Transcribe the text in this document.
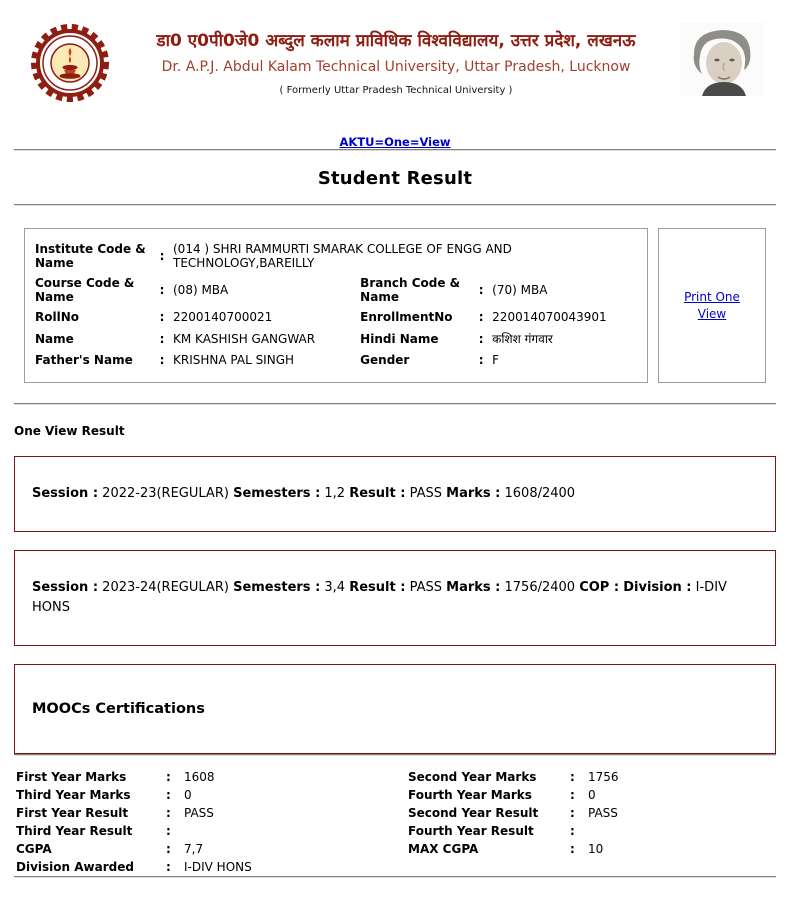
डा0 ए0पी0जे0 अब्दुल कलाम प्राविधिक विश्वविद्यालय, उत्तर प्रदेश, लखनऊ
Dr. A.P.J. Abdul Kalam Technical University, Uttar Pradesh, Lucknow
( Formerly Uttar Pradesh Technical University )
AKTU=One=View
Student Result
Institute Code & Name	:	(014 ) SHRI RAMMURTI SMARAK COLLEGE OF ENGG AND TECHNOLOGY,BAREILLY			

Course Code & Name	:	(08) MBA	Branch Code & Name	:	(70) MBA
RollNo	:	2200140700021	EnrollmentNo	:	220014070043901
Name	:	KM KASHISH GANGWAR	Hindi Name	:	कशिश गंगवार
Father's Name	:	KRISHNA PAL SINGH	Gender	:	F
Print One View
One View Result
Session : 2022-23(REGULAR) Semesters : 1,2 Result : PASS Marks : 1608/2400
Session : 2023-24(REGULAR) Semesters : 3,4 Result : PASS Marks : 1756/2400 COP : Division : I-DIV HONS
MOOCs Certifications
First Year Marks	:	1608	Second Year Marks	:	1756
Third Year Marks	:	0	Fourth Year Marks	:	0
First Year Result	:	PASS	Second Year Result	:	PASS
Third Year Result	:		Fourth Year Result	:	
CGPA	:	7,7	MAX CGPA	:	10
Division Awarded	:	I-DIV HONS			
